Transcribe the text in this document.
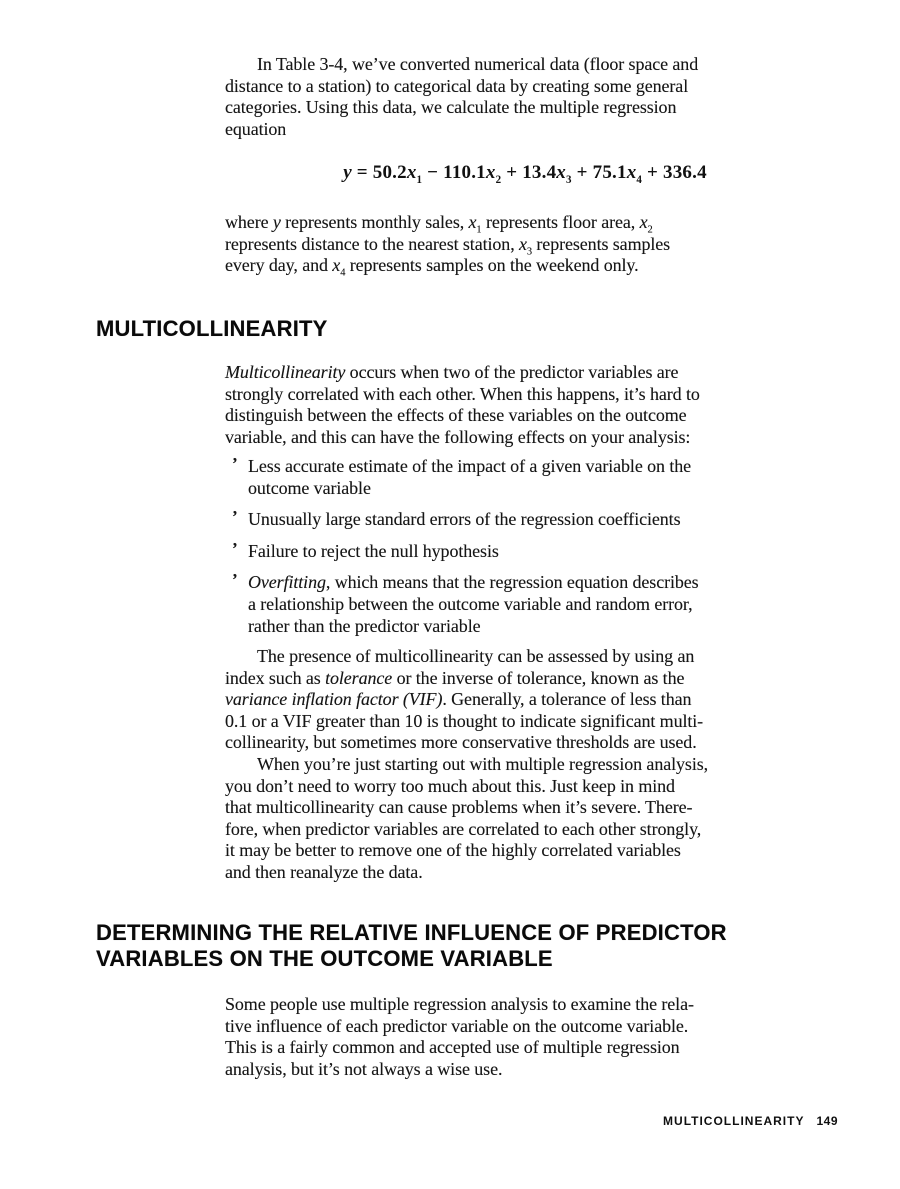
In Table 3-4, we’ve converted numerical data (floor space and
distance to a station) to categorical data by creating some general
categories. Using this data, we calculate the multiple regression
equation

$y = 50.2x_1 - 110.1x_2 + 13.4x_3 + 75.1x_4 + 336.4$

where y represents monthly sales, $x_1$ represents floor area, $x_2$
represents distance to the nearest station, $x_3$ represents samples
every day, and $x_4$ represents samples on the weekend only.

MULTICOLLINEARITY

Multicollinearity occurs when two of the predictor variables are
strongly correlated with each other. When this happens, it’s hard to
distinguish between the effects of these variables on the outcome
variable, and this can have the following effects on your analysis:

’ Less accurate estimate of the impact of a given variable on the
outcome variable
’ Unusually large standard errors of the regression coefficients
’ Failure to reject the null hypothesis
’ Overfitting, which means that the regression equation describes
a relationship between the outcome variable and random error,
rather than the predictor variable

The presence of multicollinearity can be assessed by using an
index such as tolerance or the inverse of tolerance, known as the
variance inflation factor (VIF). Generally, a tolerance of less than
0.1 or a VIF greater than 10 is thought to indicate significant multi-
collinearity, but sometimes more conservative thresholds are used.

When you’re just starting out with multiple regression analysis,
you don’t need to worry too much about this. Just keep in mind
that multicollinearity can cause problems when it’s severe. There-
fore, when predictor variables are correlated to each other strongly,
it may be better to remove one of the highly correlated variables
and then reanalyze the data.

DETERMINING THE RELATIVE INFLUENCE OF PREDICTOR
VARIABLES ON THE OUTCOME VARIABLE

Some people use multiple regression analysis to examine the rela-
tive influence of each predictor variable on the outcome variable.
This is a fairly common and accepted use of multiple regression
analysis, but it’s not always a wise use.

MULTICOLLINEARITY 149
